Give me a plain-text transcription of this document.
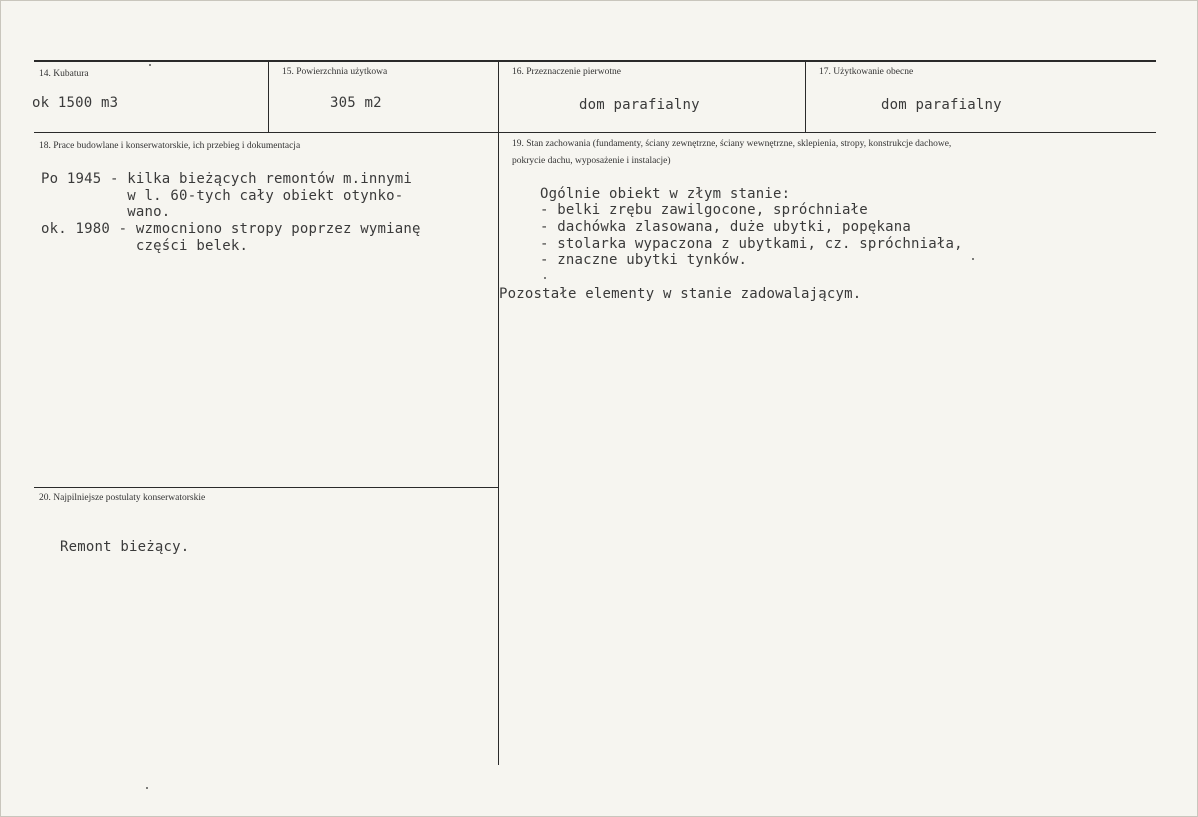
14. Kubatura
ok 1500 m3
15. Powierzchnia użytkowa
305 m2
16. Przeznaczenie pierwotne
dom parafialny
17. Użytkowanie obecne
dom parafialny
18. Prace budowlane i konserwatorskie, ich przebieg i dokumentacja
Po 1945 - kilka bieżących remontów m.innymi
w l. 60-tych cały obiekt otynko-
wano.
ok. 1980 - wzmocniono stropy poprzez wymianę
części belek.
19. Stan zachowania (fundamenty, ściany zewnętrzne, ściany wewnętrzne, sklepienia, stropy, konstrukcje dachowe, pokrycie dachu, wyposażenie i instalacje)
Ogólnie obiekt w złym stanie:
- belki zrębu zawilgocone, spróchniałe
- dachówka zlasowana, duże ubytki, popękana
- stolarka wypaczona z ubytkami, cz. spróchniała,
- znaczne ubytki tynków.
Pozostałe elementy w stanie zadowalającym.
20. Najpilniejsze postulaty konserwatorskie
Remont bieżący.
